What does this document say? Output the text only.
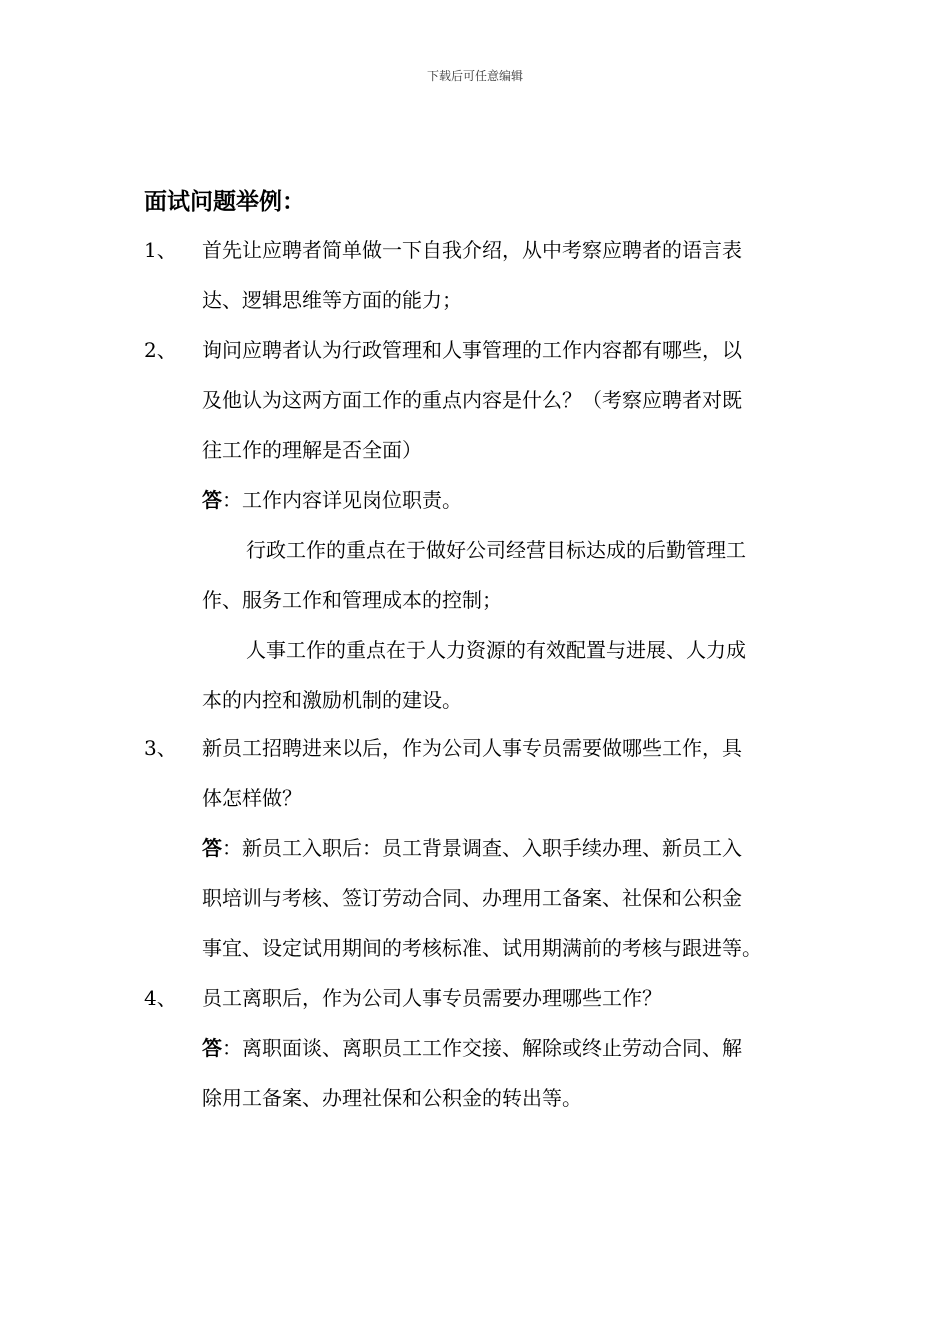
下载后可任意编辑
面试问题举例：
1、 首先让应聘者简单做一下自我介绍，从中考察应聘者的语言表
达、逻辑思维等方面的能力；
2、 询问应聘者认为行政管理和人事管理的工作内容都有哪些，以
及他认为这两方面工作的重点内容是什么？（考察应聘者对既
往工作的理解是否全面）
答：工作内容详见岗位职责。
行政工作的重点在于做好公司经营目标达成的后勤管理工
作、服务工作和管理成本的控制；
人事工作的重点在于人力资源的有效配置与进展、人力成
本的内控和激励机制的建设。
3、 新员工招聘进来以后，作为公司人事专员需要做哪些工作，具
体怎样做？
答：新员工入职后：员工背景调查、入职手续办理、新员工入
职培训与考核、签订劳动合同、办理用工备案、社保和公积金
事宜、设定试用期间的考核标准、试用期满前的考核与跟进等。
4、 员工离职后，作为公司人事专员需要办理哪些工作？
答：离职面谈、离职员工工作交接、解除或终止劳动合同、解
除用工备案、办理社保和公积金的转出等。
